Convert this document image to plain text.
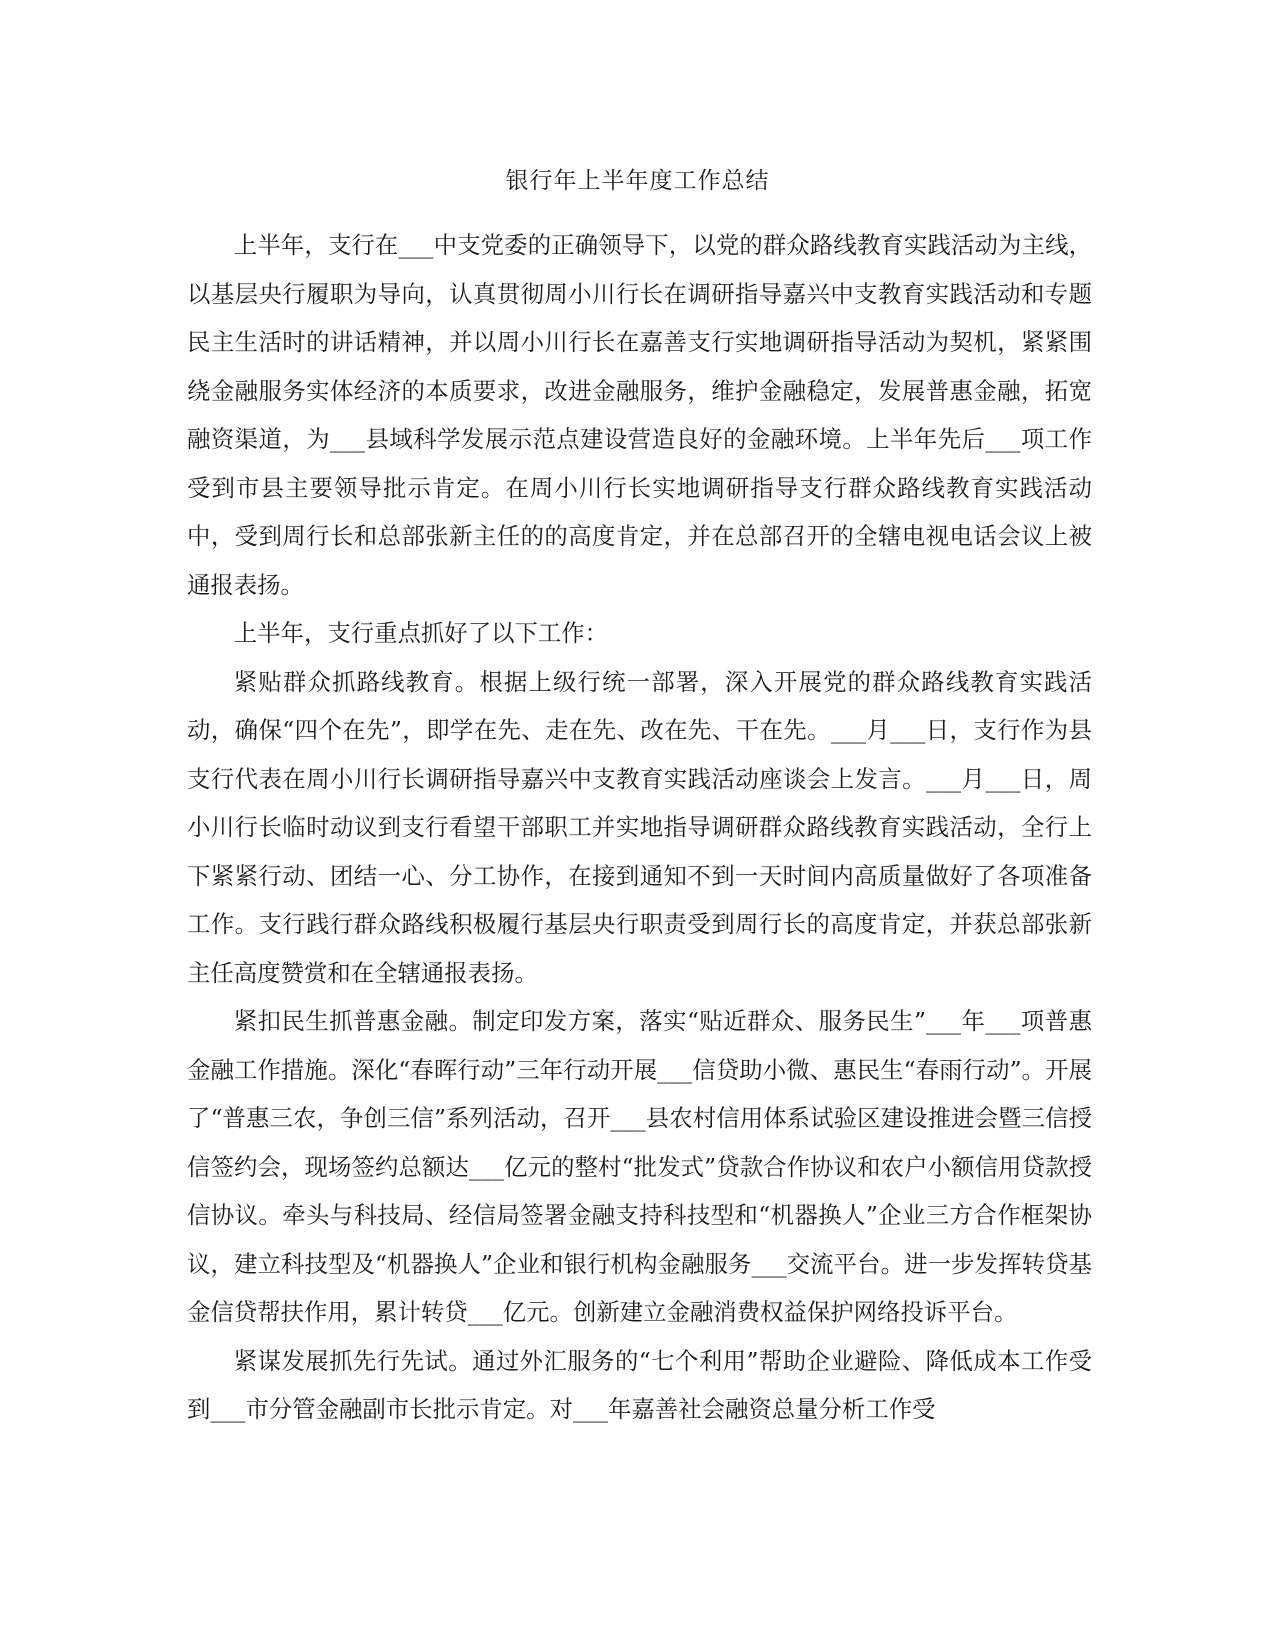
银行年上半年度工作总结

上半年，支行在___中支党委的正确领导下，以党的群众路线教育实践活动为主线，以基层央行履职为导向，认真贯彻周小川行长在调研指导嘉兴中支教育实践活动和专题民主生活时的讲话精神，并以周小川行长在嘉善支行实地调研指导活动为契机，紧紧围绕金融服务实体经济的本质要求，改进金融服务，维护金融稳定，发展普惠金融，拓宽融资渠道，为___县域科学发展示范点建设营造良好的金融环境。上半年先后___项工作受到市县主要领导批示肯定。在周小川行长实地调研指导支行群众路线教育实践活动中，受到周行长和总部张新主任的的高度肯定，并在总部召开的全辖电视电话会议上被通报表扬。

上半年，支行重点抓好了以下工作：

紧贴群众抓路线教育。根据上级行统一部署，深入开展党的群众路线教育实践活动，确保“四个在先”，即学在先、走在先、改在先、干在先。___月___日，支行作为县支行代表在周小川行长调研指导嘉兴中支教育实践活动座谈会上发言。___月___日，周小川行长临时动议到支行看望干部职工并实地指导调研群众路线教育实践活动，全行上下紧紧行动、团结一心、分工协作，在接到通知不到一天时间内高质量做好了各项准备工作。支行践行群众路线积极履行基层央行职责受到周行长的高度肯定，并获总部张新主任高度赞赏和在全辖通报表扬。

紧扣民生抓普惠金融。制定印发方案，落实“贴近群众、服务民生”___年___项普惠金融工作措施。深化“春晖行动”三年行动开展___信贷助小微、惠民生“春雨行动”。开展了“普惠三农，争创三信”系列活动，召开___县农村信用体系试验区建设推进会暨三信授信签约会，现场签约总额达___亿元的整村“批发式”贷款合作协议和农户小额信用贷款授信协议。牵头与科技局、经信局签署金融支持科技型和“机器换人”企业三方合作框架协议，建立科技型及“机器换人”企业和银行机构金融服务___交流平台。进一步发挥转贷基金信贷帮扶作用，累计转贷___亿元。创新建立金融消费权益保护网络投诉平台。

紧谋发展抓先行先试。通过外汇服务的“七个利用”帮助企业避险、降低成本工作受到___市分管金融副市长批示肯定。对___年嘉善社会融资总量分析工作受
